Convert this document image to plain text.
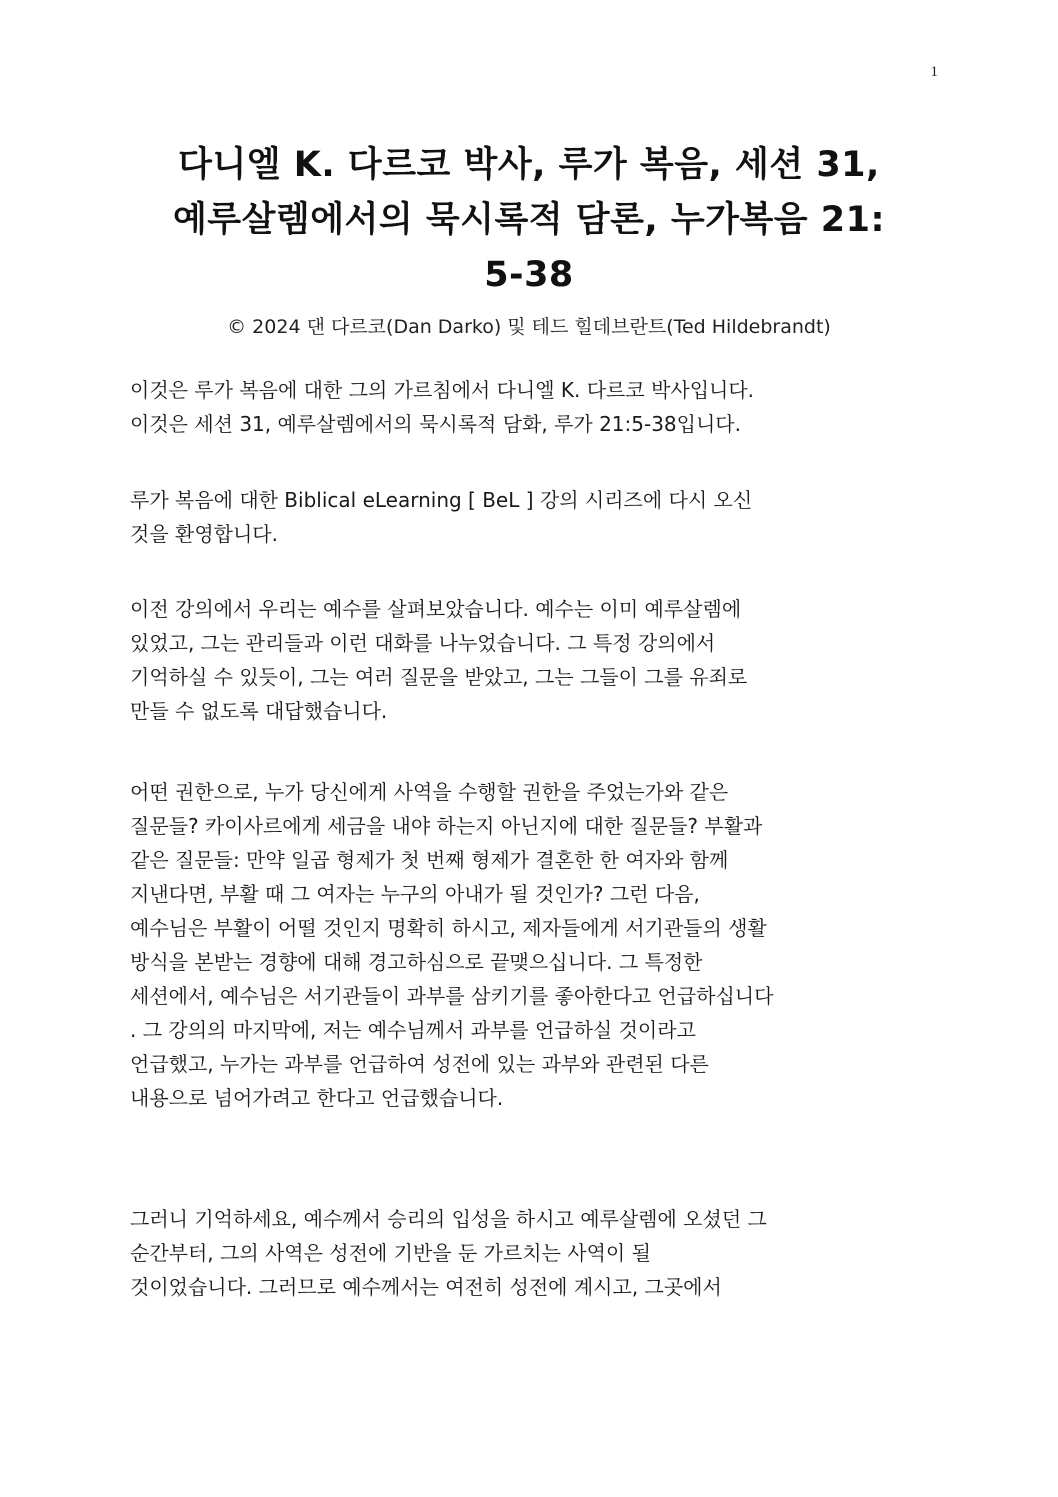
1
다니엘 K. 다르코 박사, 루가 복음, 세션 31,
예루살렘에서의 묵시록적 담론, 누가복음 21:
5-38
© 2024 댄 다르코(Dan Darko) 및 테드 힐데브란트(Ted Hildebrandt)
이것은 루가 복음에 대한 그의 가르침에서 다니엘 K. 다르코 박사입니다.
이것은 세션 31, 예루살렘에서의 묵시록적 담화, 루가 21:5-38입니다.
루가 복음에 대한 Biblical eLearning [ BeL ] 강의 시리즈에 다시 오신
것을 환영합니다.
이전 강의에서 우리는 예수를 살펴보았습니다. 예수는 이미 예루살렘에
있었고, 그는 관리들과 이런 대화를 나누었습니다. 그 특정 강의에서
기억하실 수 있듯이, 그는 여러 질문을 받았고, 그는 그들이 그를 유죄로
만들 수 없도록 대답했습니다.
어떤 권한으로, 누가 당신에게 사역을 수행할 권한을 주었는가와 같은
질문들? 카이사르에게 세금을 내야 하는지 아닌지에 대한 질문들? 부활과
같은 질문들: 만약 일곱 형제가 첫 번째 형제가 결혼한 한 여자와 함께
지낸다면, 부활 때 그 여자는 누구의 아내가 될 것인가? 그런 다음,
예수님은 부활이 어떨 것인지 명확히 하시고, 제자들에게 서기관들의 생활
방식을 본받는 경향에 대해 경고하심으로 끝맺으십니다. 그 특정한
세션에서, 예수님은 서기관들이 과부를 삼키기를 좋아한다고 언급하십니다
. 그 강의의 마지막에, 저는 예수님께서 과부를 언급하실 것이라고
언급했고, 누가는 과부를 언급하여 성전에 있는 과부와 관련된 다른
내용으로 넘어가려고 한다고 언급했습니다.
그러니 기억하세요, 예수께서 승리의 입성을 하시고 예루살렘에 오셨던 그
순간부터, 그의 사역은 성전에 기반을 둔 가르치는 사역이 될
것이었습니다. 그러므로 예수께서는 여전히 성전에 계시고, 그곳에서
